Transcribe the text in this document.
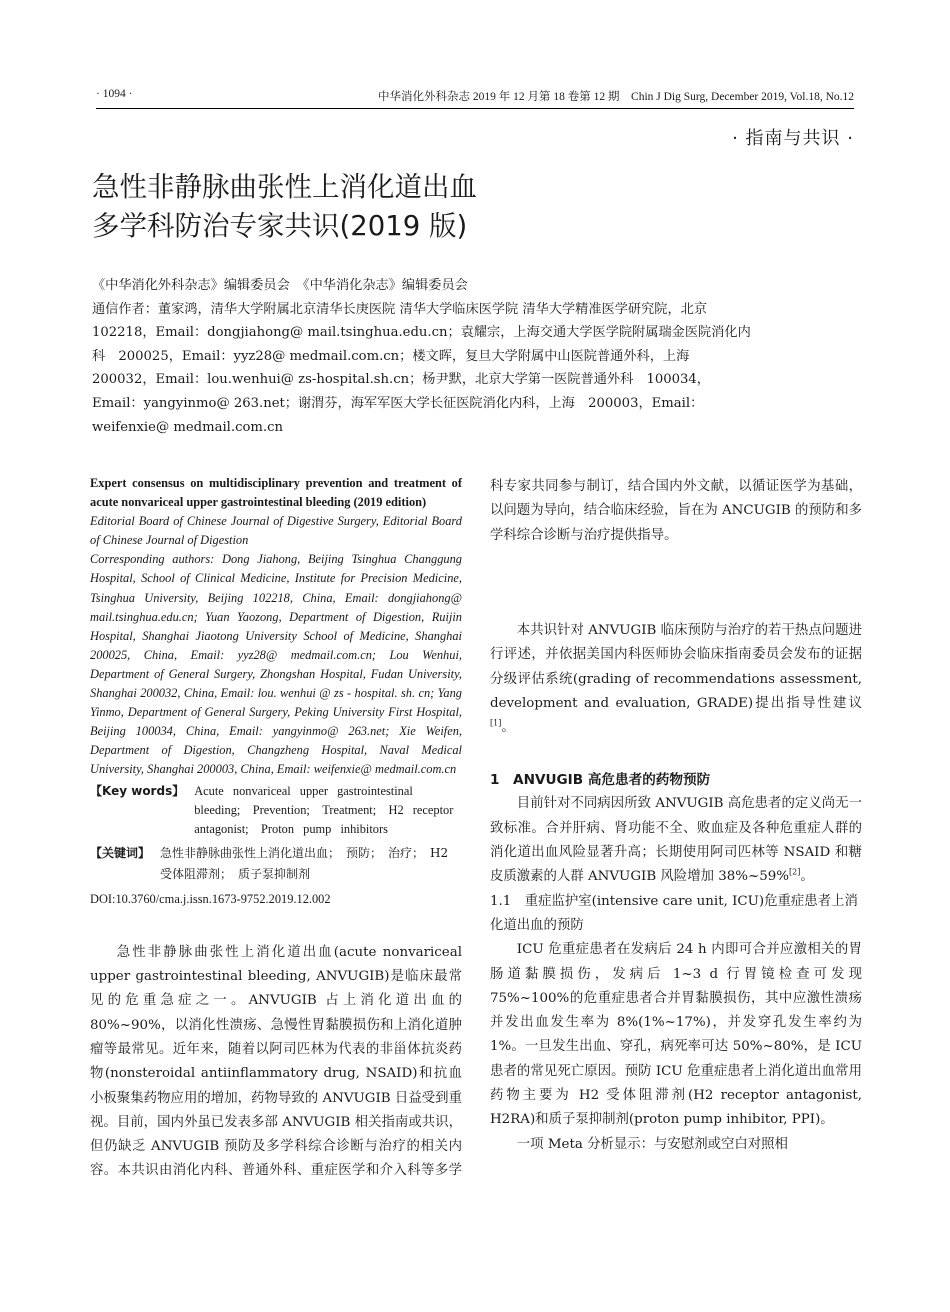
· 1094 ·	中华消化外科杂志 2019 年 12 月第 18 卷第 12 期　Chin J Dig Surg, December 2019, Vol.18, No.12
· 指南与共识 ·
急性非静脉曲张性上消化道出血
多学科防治专家共识(2019 版)

《中华消化外科杂志》编辑委员会　《中华消化杂志》编辑委员会

通信作者：董家鸿，清华大学附属北京清华长庚医院 清华大学临床医学院 清华大学精准医学研究院，北京　102218，Email：dongjiahong@ mail.tsinghua.edu.cn；袁耀宗，上海交通大学医学院附属瑞金医院消化内科　200025，Email：yyz28@ medmail.com.cn；楼文晖，复旦大学附属中山医院普通外科，上海　200032，Email：lou.wenhui@ zs-hospital.sh.cn；杨尹默，北京大学第一医院普通外科　100034，Email：yangyinmo@ 263.net；谢渭芬，海军军医大学长征医院消化内科，上海　200003，Email：weifenxie@ medmail.com.cn

Expert consensus on multidisciplinary prevention and treatment of acute nonvariceal upper gastrointestinal bleeding (2019 edition)

Editorial Board of Chinese Journal of Digestive Surgery, Editorial Board of Chinese Journal of Digestion

Corresponding authors: Dong Jiahong, Beijing Tsinghua Changgung Hospital, School of Clinical Medicine, Institute for Precision Medicine, Tsinghua University, Beijing 102218, China, Email: dongjiahong@ mail.tsinghua.edu.cn; Yuan Yaozong, Department of Digestion, Ruijin Hospital, Shanghai Jiaotong University School of Medicine, Shanghai 200025, China, Email: yyz28@ medmail.com.cn; Lou Wenhui, Department of General Surgery, Zhongshan Hospital, Fudan University, Shanghai 200032, China, Email: lou. wenhui @ zs - hospital. sh. cn; Yang Yinmo, Department of General Surgery, Peking University First Hospital, Beijing 100034, China, Email: yangyinmo@ 263.net; Xie Weifen, Department of Digestion, Changzheng Hospital, Naval Medical University, Shanghai 200003, China, Email: weifenxie@ medmail.com.cn

【Key words】 Acute nonvariceal upper gastrointestinal bleeding;　Prevention;　Treatment;　H2 receptor antagonist;　Proton pump inhibitors
【关键词】 急性非静脉曲张性上消化道出血；　预防；　治疗；　H2 受体阻滞剂；　质子泵抑制剂
DOI:10.3760/cma.j.issn.1673-9752.2019.12.002

急性非静脉曲张性上消化道出血(acute nonvariceal upper gastrointestinal bleeding, ANVUGIB)是临床最常见的危重急症之一。ANVUGIB 占上消化道出血的 80%~90%，以消化性溃疡、急慢性胃黏膜损伤和上消化道肿瘤等最常见。近年来，随着以阿司匹林为代表的非甾体抗炎药物(nonsteroidal antiinflammatory drug, NSAID)和抗血小板聚集药物应用的增加，药物导致的 ANVUGIB 日益受到重视。目前，国内外虽已发表多部 ANVUGIB 相关指南或共识，但仍缺乏 ANVUGIB 预防及多学科综合诊断与治疗的相关内容。本共识由消化内科、普通外科、重症医学和介入科等多学

科专家共同参与制订，结合国内外文献，以循证医学为基础，以问题为导向，结合临床经验，旨在为 ANCUGIB 的预防和多学科综合诊断与治疗提供指导。

本共识针对 ANVUGIB 临床预防与治疗的若干热点问题进行评述，并依据美国内科医师协会临床指南委员会发布的证据分级评估系统(grading of recommendations assessment, development and evaluation, GRADE)提出指导性建议[1]。

1　ANVUGIB 高危患者的药物预防

目前针对不同病因所致 ANVUGIB 高危患者的定义尚无一致标准。合并肝病、肾功能不全、败血症及各种危重症人群的消化道出血风险显著升高；长期使用阿司匹林等 NSAID 和糖皮质激素的人群 ANVUGIB 风险增加 38%~59%[2]。

1.1　重症监护室(intensive care unit, ICU)危重症患者上消化道出血的预防

ICU 危重症患者在发病后 24 h 内即可合并应激相关的胃肠道黏膜损伤，发病后 1~3 d 行胃镜检查可发现 75%~100%的危重症患者合并胃黏膜损伤，其中应激性溃疡并发出血发生率为 8%(1%~17%)，并发穿孔发生率约为 1%。一旦发生出血、穿孔，病死率可达 50%~80%，是 ICU 患者的常见死亡原因。预防 ICU 危重症患者上消化道出血常用药物主要为 H2 受体阻滞剂(H2 receptor antagonist, H2RA)和质子泵抑制剂(proton pump inhibitor, PPI)。

一项 Meta 分析显示：与安慰剂或空白对照相
